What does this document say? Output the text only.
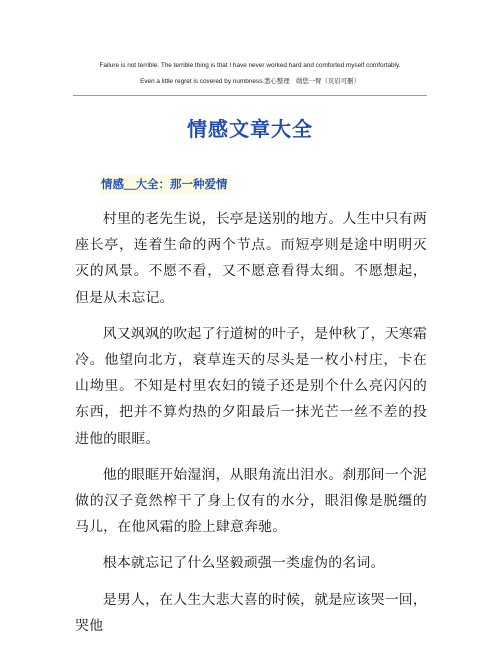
Failure is not terrible. The terrible thing is that I have never worked hard and comforted myself comfortably.
Even a little regret is covered by numbness.悉心整理　勋您一臂（页眉可删）
情感文章大全
情感＿大全：那一种爱情

村里的老先生说，长亭是送别的地方。人生中只有两座长亭，连着生命的两个节点。而短亭则是途中明明灭灭的风景。不愿不看，又不愿意看得太细。不愿想起，但是从未忘记。

风又飒飒的吹起了行道树的叶子，是仲秋了，天寒霜冷。他望向北方，衰草连天的尽头是一枚小村庄，卡在山坳里。不知是村里农妇的镜子还是别个什么亮闪闪的东西，把并不算灼热的夕阳最后一抹光芒一丝不差的投进他的眼眶。

他的眼眶开始湿润，从眼角流出泪水。刹那间一个泥做的汉子竟然榨干了身上仅有的水分，眼泪像是脱缰的马儿，在他风霜的脸上肆意奔驰。

根本就忘记了什么坚毅顽强一类虚伪的名词。

是男人，在人生大悲大喜的时候，就是应该哭一回，哭他
